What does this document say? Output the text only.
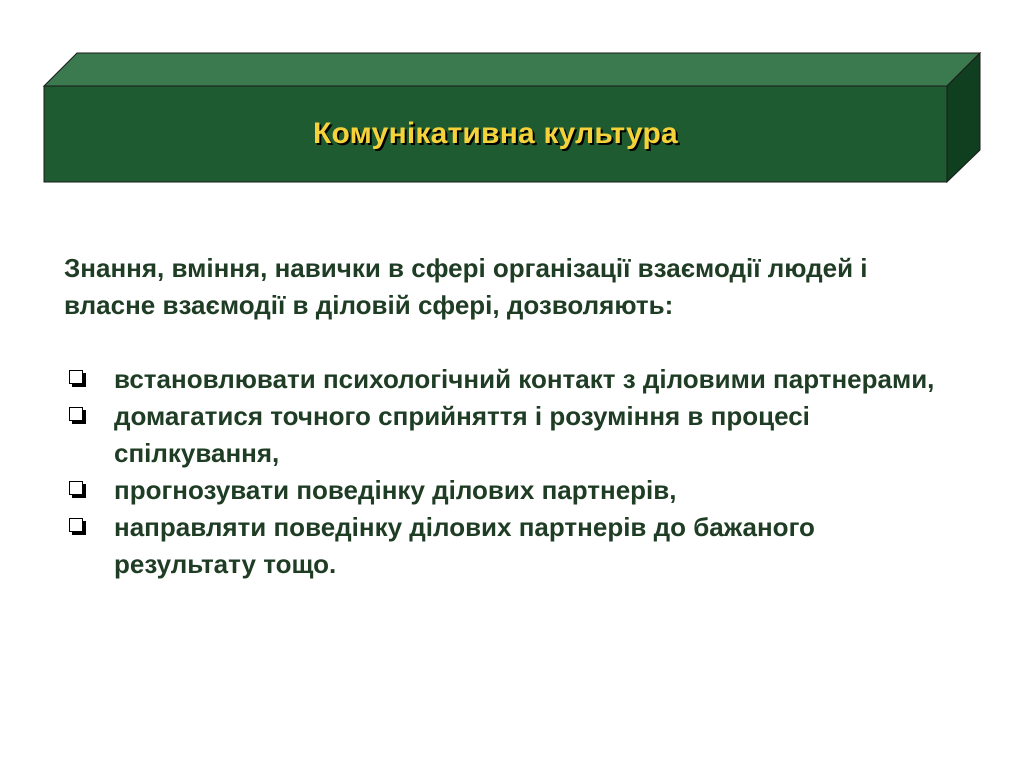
Комунікативна культура

Знання, вміння, навички в сфері організації взаємодії людей і власне взаємодії в діловій сфері, дозволяють:

встановлювати психологічний контакт з діловими партнерами,
домагатися точного сприйняття і розуміння в процесі спілкування,
прогнозувати поведінку ділових партнерів,
направляти поведінку ділових партнерів до бажаного результату тощо.
